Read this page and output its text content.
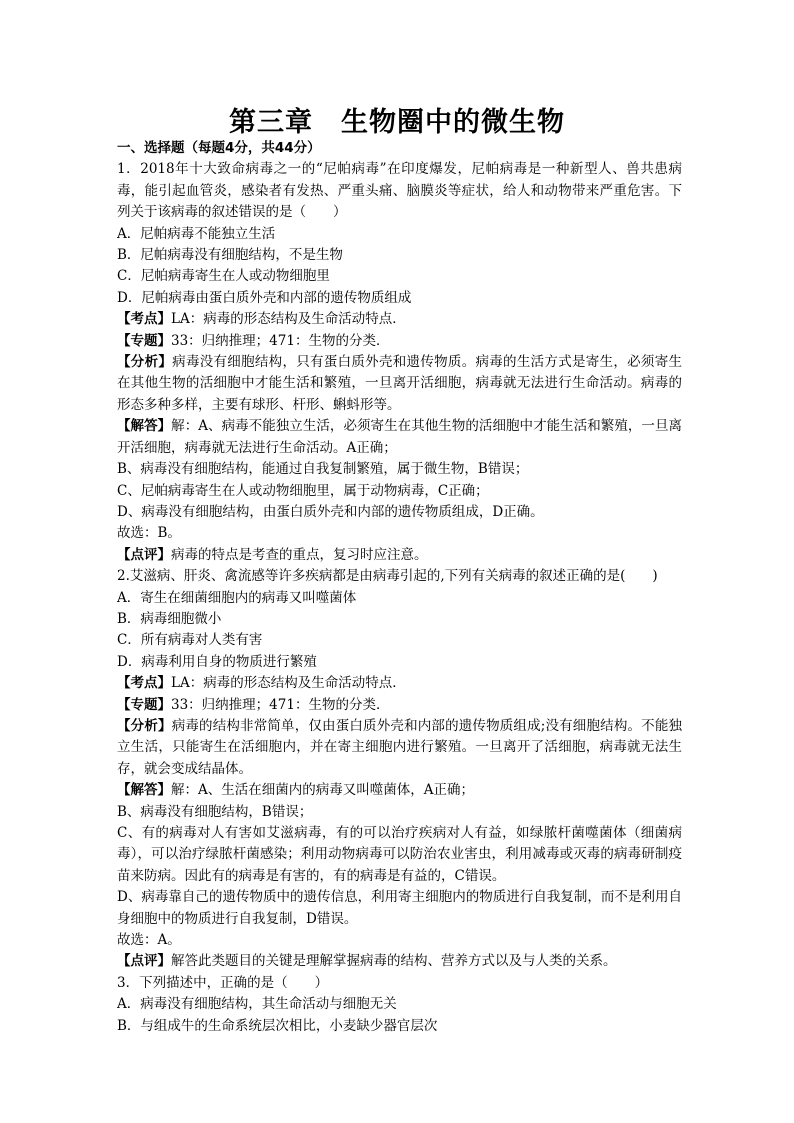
第三章　生物圈中的微生物

一、选择题（每题4分，共44分）

1．2018年十大致命病毒之一的“尼帕病毒”在印度爆发，尼帕病毒是一种新型人、兽共患病毒，能引起血管炎，感染者有发热、严重头痛、脑膜炎等症状，给人和动物带来严重危害。下列关于该病毒的叙述错误的是（　　）

A．尼帕病毒不能独立生活

B．尼帕病毒没有细胞结构，不是生物

C．尼帕病毒寄生在人或动物细胞里

D．尼帕病毒由蛋白质外壳和内部的遗传物质组成

【考点】LA：病毒的形态结构及生命活动特点．

【专题】33：归纳推理；471：生物的分类．

【分析】病毒没有细胞结构，只有蛋白质外壳和遗传物质。病毒的生活方式是寄生，必须寄生在其他生物的活细胞中才能生活和繁殖，一旦离开活细胞，病毒就无法进行生命活动。病毒的形态多种多样，主要有球形、杆形、蝌蚪形等。

【解答】解：A、病毒不能独立生活，必须寄生在其他生物的活细胞中才能生活和繁殖，一旦离开活细胞，病毒就无法进行生命活动。A正确；

B、病毒没有细胞结构，能通过自我复制繁殖，属于微生物，B错误；

C、尼帕病毒寄生在人或动物细胞里，属于动物病毒，C正确；

D、病毒没有细胞结构，由蛋白质外壳和内部的遗传物质组成，D正确。

故选：B。

【点评】病毒的特点是考查的重点，复习时应注意。

2.艾滋病、肝炎、禽流感等许多疾病都是由病毒引起的,下列有关病毒的叙述正确的是(　　)

A．寄生在细菌细胞内的病毒又叫噬菌体

B．病毒细胞微小

C．所有病毒对人类有害

D．病毒利用自身的物质进行繁殖

【考点】LA：病毒的形态结构及生命活动特点．

【专题】33：归纳推理；471：生物的分类．

【分析】病毒的结构非常简单，仅由蛋白质外壳和内部的遗传物质组成;没有细胞结构。不能独立生活，只能寄生在活细胞内，并在寄主细胞内进行繁殖。一旦离开了活细胞，病毒就无法生存，就会变成结晶体。

【解答】解：A、生活在细菌内的病毒又叫噬菌体，A正确；

B、病毒没有细胞结构，B错误；

C、有的病毒对人有害如艾滋病毒，有的可以治疗疾病对人有益，如绿脓杆菌噬菌体（细菌病毒），可以治疗绿脓杆菌感染；利用动物病毒可以防治农业害虫，利用减毒或灭毒的病毒研制疫苗来防病。因此有的病毒是有害的，有的病毒是有益的，C错误。

D、病毒靠自己的遗传物质中的遗传信息，利用寄主细胞内的物质进行自我复制，而不是利用自身细胞中的物质进行自我复制，D错误。

故选：A。

【点评】解答此类题目的关键是理解掌握病毒的结构、营养方式以及与人类的关系。

3．下列描述中，正确的是（　　）

A．病毒没有细胞结构，其生命活动与细胞无关

B．与组成牛的生命系统层次相比，小麦缺少器官层次
